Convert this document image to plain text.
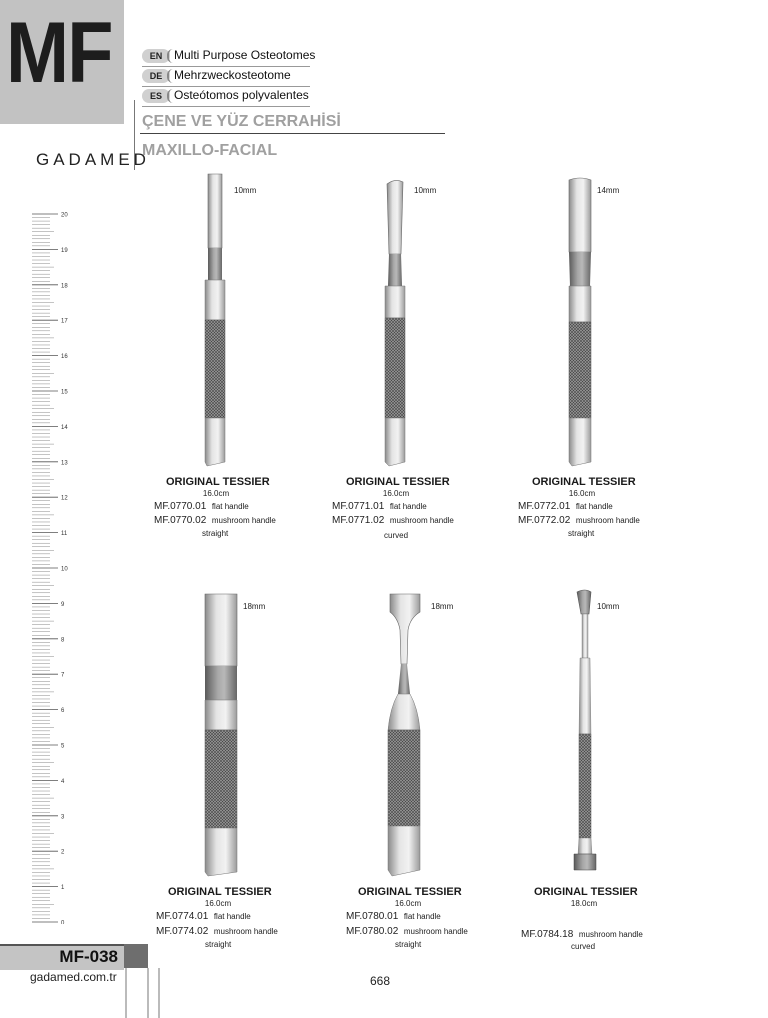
MF	EN Multi Purpose Osteotomes
DE Mehrzweckosteotome
ES	Osteótomos polyvalentes
ÇENE VE YÜZ CERRAHİSİ
MAXILLO-FACIAL
GADAMED
20
19
18
17
16
15
14
13
12
11
10
9
8
7
6
5
4
3
2
1
0
10mm
ORIGINAL TESSIER
16.0cm
MF.0770.01 flat handle
MF.0770.02 mushroom handle
straight
10mm
ORIGINAL TESSIER
16.0cm
MF.0771.01 flat handle
MF.0771.02 mushroom handle
curved
14mm
ORIGINAL TESSIER
16.0cm
MF.0772.01 flat handle
MF.0772.02 mushroom handle
straight
18mm
ORIGINAL TESSIER
16.0cm
MF.0774.01 flat handle
MF.0774.02 mushroom handle
straight
18mm
ORIGINAL TESSIER
16.0cm
MF.0780.01 flat handle
MF.0780.02 mushroom handle
straight
10mm
ORIGINAL TESSIER
18.0cm
MF.0784.18 mushroom handle
curved
MF-038
gadamed.com.tr	668
